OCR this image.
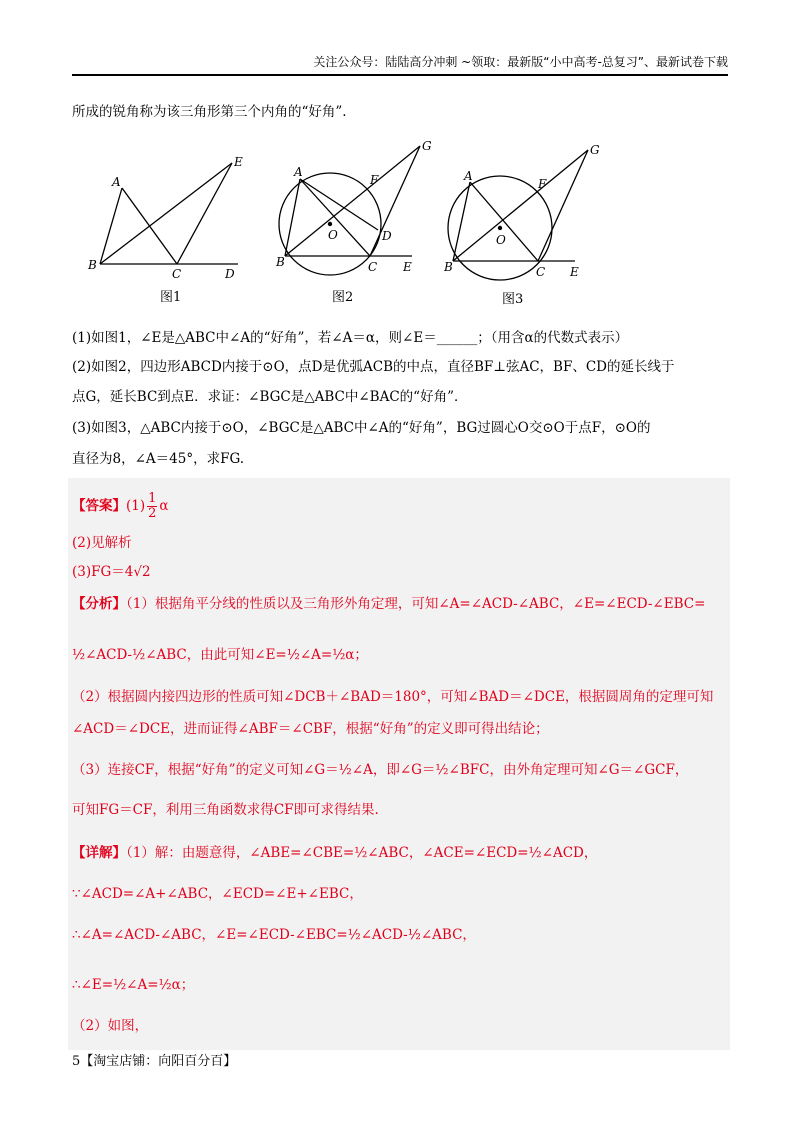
关注公众号：陆陆高分冲刺 ~领取：最新版“小中高考-总复习”、最新试卷下载
所成的锐角称为该三角形第三个内角的“好角”.
B
A
C	D
E
B
A
C
D
E
F
G
O
B
A
C E
F
G
O
图1	图2	图3
(1)如图1，∠E是△ABC中∠A的“好角”，若∠A＝α，则∠E＝______；（用含α的代数式表示）
(2)如图2，四边形ABCD内接于⊙O，点D是优弧ACB的中点，直径BF⊥弦AC，BF、CD的延长线于
点G，延长BC到点E．求证：∠BGC是△ABC中∠BAC的“好角”．
(3)如图3，△ABC内接于⊙O，∠BGC是△ABC中∠A的“好角”，BG过圆心O交⊙O于点F，⊙O的
直径为8，∠A＝45°，求FG.
【答案】$(1) \frac{1}{2}$ α
(2)见解析
(3)FG＝4√2
【分析】（1）根据角平分线的性质以及三角形外角定理，可知∠A=∠ACD-∠ABC，∠E=∠ECD-∠EBC=
½∠ACD-½∠ABC，由此可知∠E=½∠A=½α；
（2）根据圆内接四边形的性质可知∠DCB＋∠BAD＝180°，可知∠BAD＝∠DCE，根据圆周角的定理可知
∠ACD＝∠DCE，进而证得∠ABF＝∠CBF，根据“好角”的定义即可得出结论；
（3）连接CF，根据“好角”的定义可知∠G＝½∠A，即∠G＝½∠BFC，由外角定理可知∠G＝∠GCF，
可知FG＝CF，利用三角函数求得CF即可求得结果.
【详解】（1）解：由题意得，∠ABE=∠CBE=½∠ABC，∠ACE=∠ECD=½∠ACD，
∵∠ACD=∠A+∠ABC，∠ECD=∠E+∠EBC，
∴∠A=∠ACD-∠ABC，∠E=∠ECD-∠EBC=½∠ACD-½∠ABC，
∴∠E=½∠A=½α；
（2）如图，
5【淘宝店铺：向阳百分百】
